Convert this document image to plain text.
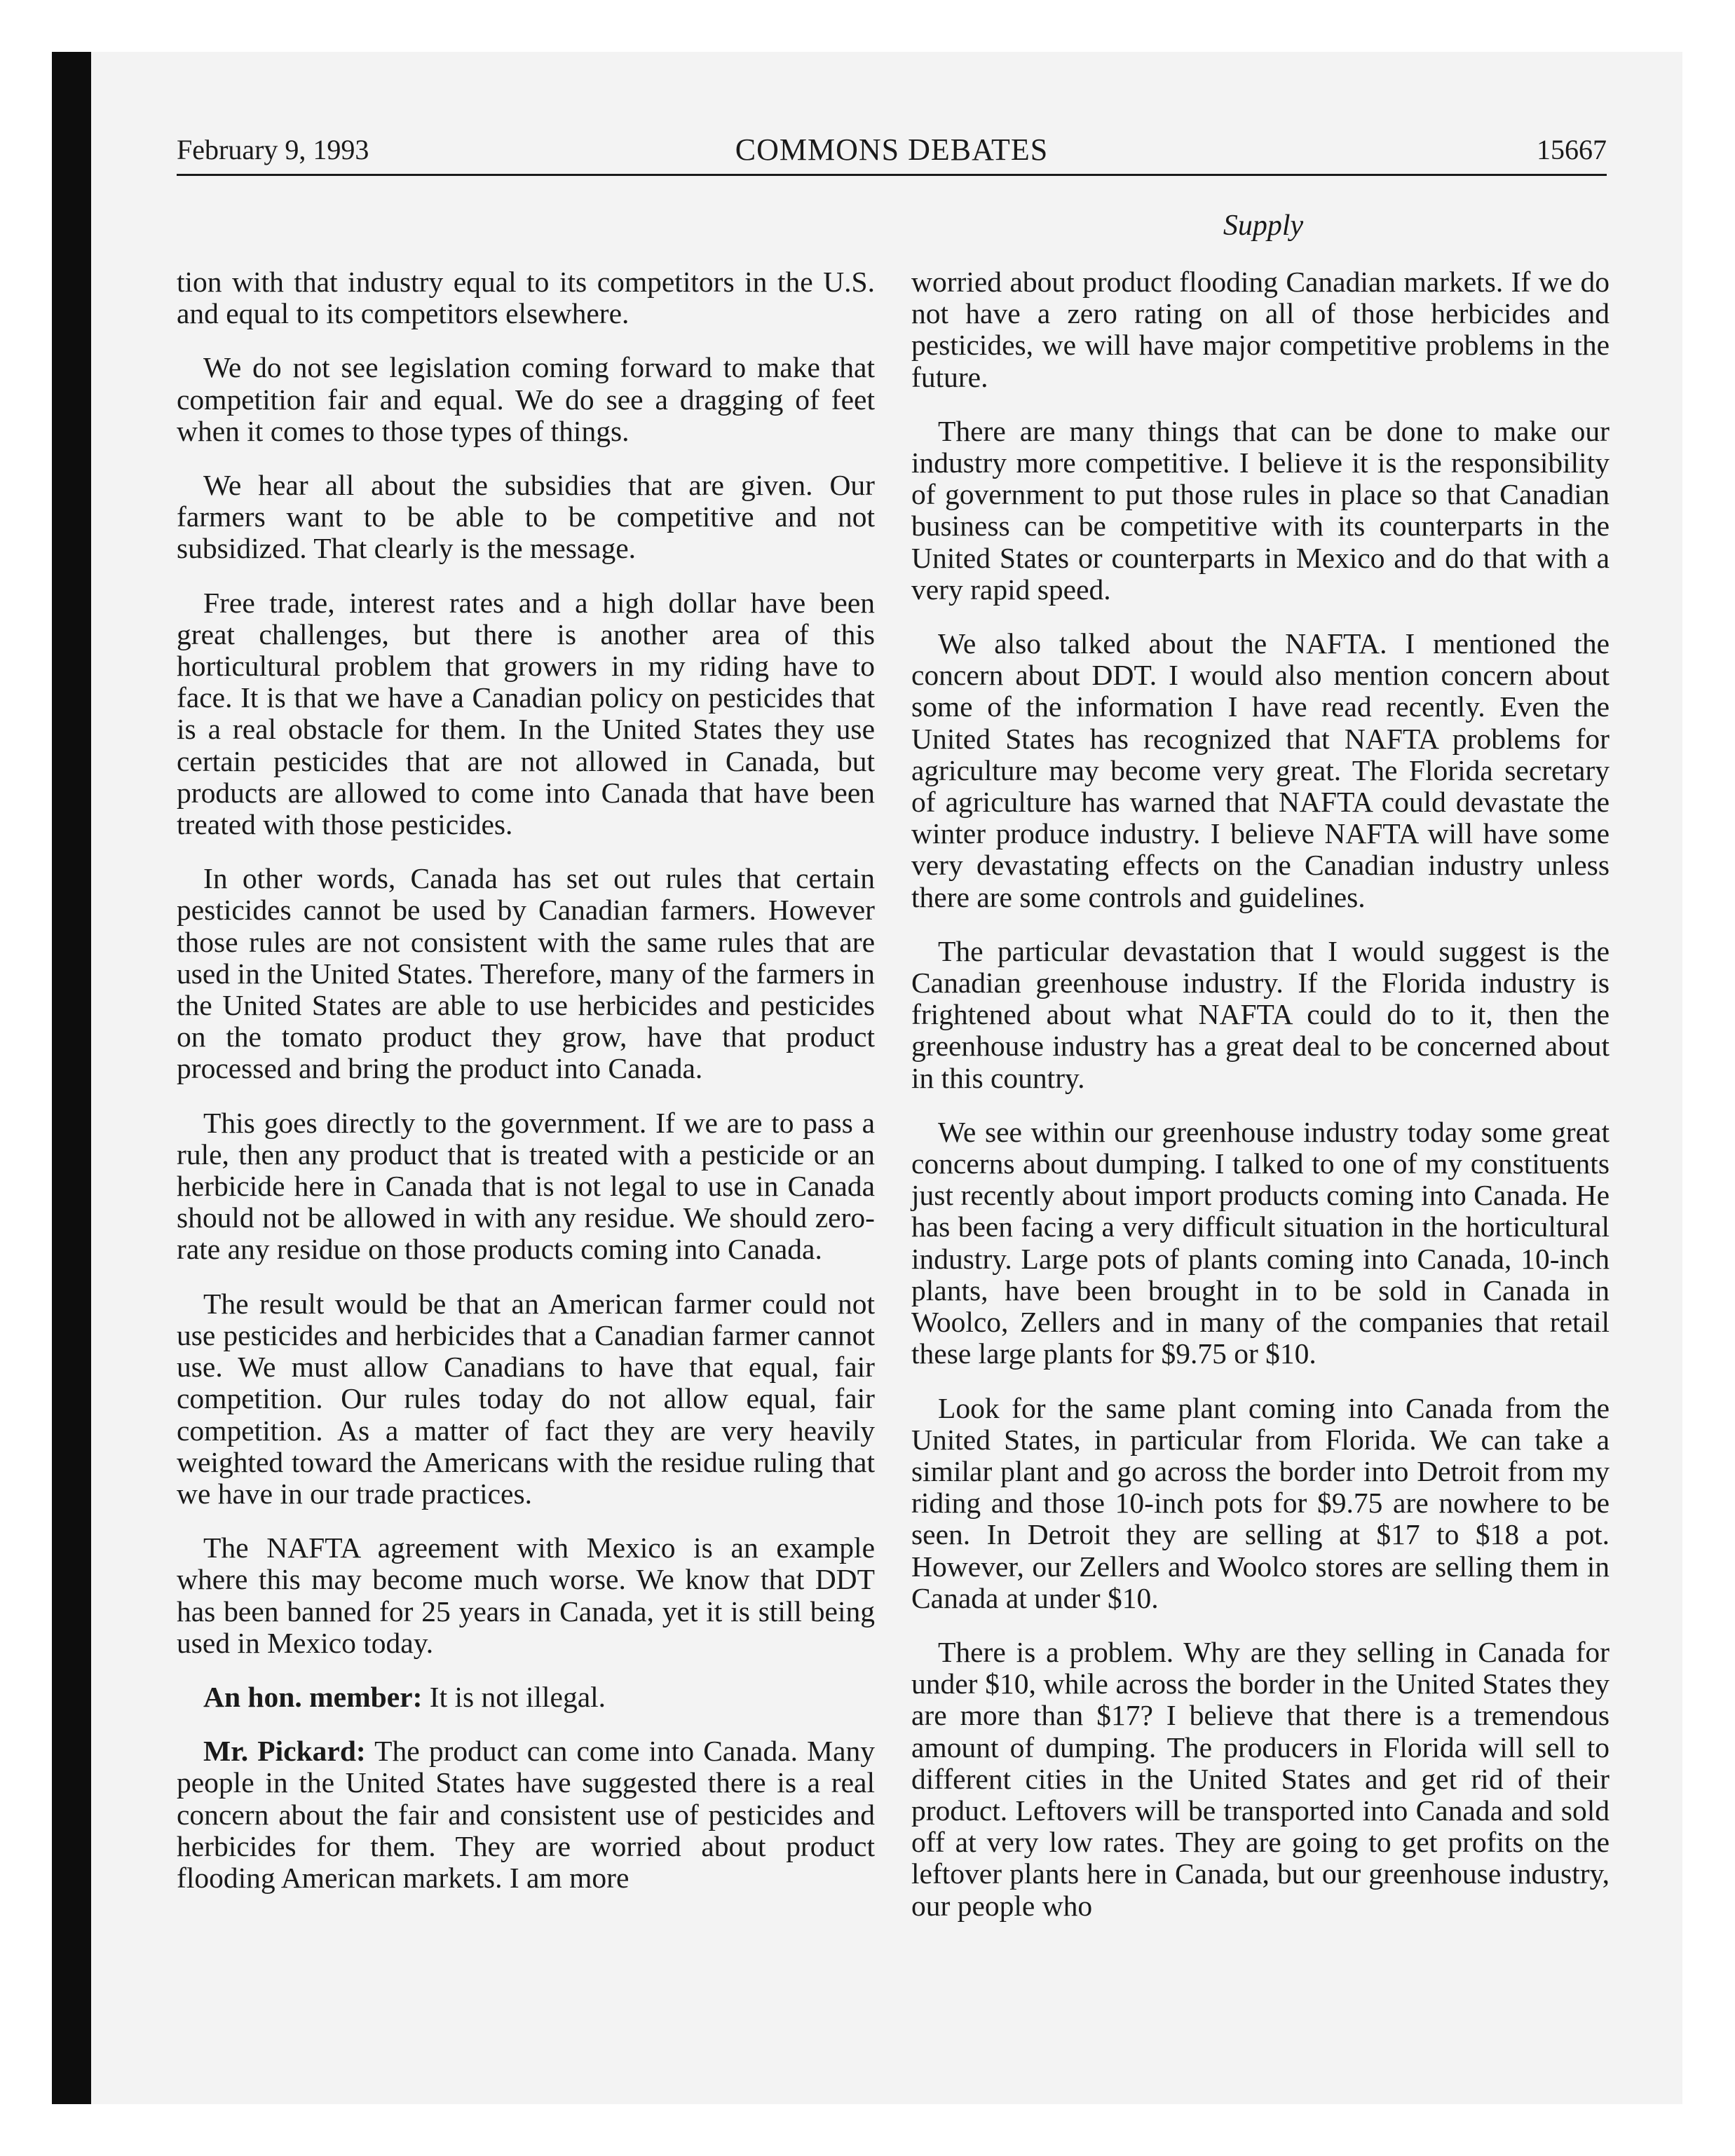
February 9, 1993	COMMONS DEBATES	15667
Supply

tion with that industry equal to its competitors in the U.S. and equal to its competitors elsewhere.

We do not see legislation coming forward to make that competition fair and equal. We do see a dragging of feet when it comes to those types of things.

We hear all about the subsidies that are given. Our farmers want to be able to be competitive and not subsidized. That clearly is the message.

Free trade, interest rates and a high dollar have been great challenges, but there is another area of this horticultural problem that growers in my riding have to face. It is that we have a Canadian policy on pesticides that is a real obstacle for them. In the United States they use certain pesticides that are not allowed in Canada, but products are allowed to come into Canada that have been treated with those pesticides.

In other words, Canada has set out rules that certain pesticides cannot be used by Canadian farmers. However those rules are not consistent with the same rules that are used in the United States. Therefore, many of the farmers in the United States are able to use herbicides and pesticides on the tomato product they grow, have that product processed and bring the product into Canada.

This goes directly to the government. If we are to pass a rule, then any product that is treated with a pesticide or an herbicide here in Canada that is not legal to use in Canada should not be allowed in with any residue. We should zero-rate any residue on those products coming into Canada.

The result would be that an American farmer could not use pesticides and herbicides that a Canadian farmer cannot use. We must allow Canadians to have that equal, fair competition. Our rules today do not allow equal, fair competition. As a matter of fact they are very heavily weighted toward the Americans with the residue ruling that we have in our trade practices.

The NAFTA agreement with Mexico is an example where this may become much worse. We know that DDT has been banned for 25 years in Canada, yet it is still being used in Mexico today.

An hon. member: It is not illegal.

Mr. Pickard: The product can come into Canada. Many people in the United States have suggested there is a real concern about the fair and consistent use of pesticides and herbicides for them. They are worried about product flooding American markets. I am more

worried about product flooding Canadian markets. If we do not have a zero rating on all of those herbicides and pesticides, we will have major competitive problems in the future.

There are many things that can be done to make our industry more competitive. I believe it is the responsibility of government to put those rules in place so that Canadian business can be competitive with its counterparts in the United States or counterparts in Mexico and do that with a very rapid speed.

We also talked about the NAFTA. I mentioned the concern about DDT. I would also mention concern about some of the information I have read recently. Even the United States has recognized that NAFTA problems for agriculture may become very great. The Florida secretary of agriculture has warned that NAFTA could devastate the winter produce industry. I believe NAFTA will have some very devastating effects on the Canadian industry unless there are some controls and guidelines.

The particular devastation that I would suggest is the Canadian greenhouse industry. If the Florida industry is frightened about what NAFTA could do to it, then the greenhouse industry has a great deal to be concerned about in this country.

We see within our greenhouse industry today some great concerns about dumping. I talked to one of my constituents just recently about import products coming into Canada. He has been facing a very difficult situation in the horticultural industry. Large pots of plants coming into Canada, 10-inch plants, have been brought in to be sold in Canada in Woolco, Zellers and in many of the companies that retail these large plants for $9.75 or $10.

Look for the same plant coming into Canada from the United States, in particular from Florida. We can take a similar plant and go across the border into Detroit from my riding and those 10-inch pots for $9.75 are nowhere to be seen. In Detroit they are selling at $17 to $18 a pot. However, our Zellers and Woolco stores are selling them in Canada at under $10.

There is a problem. Why are they selling in Canada for under $10, while across the border in the United States they are more than $17? I believe that there is a tremendous amount of dumping. The producers in Florida will sell to different cities in the United States and get rid of their product. Leftovers will be transported into Canada and sold off at very low rates. They are going to get profits on the leftover plants here in Canada, but our greenhouse industry, our people who
